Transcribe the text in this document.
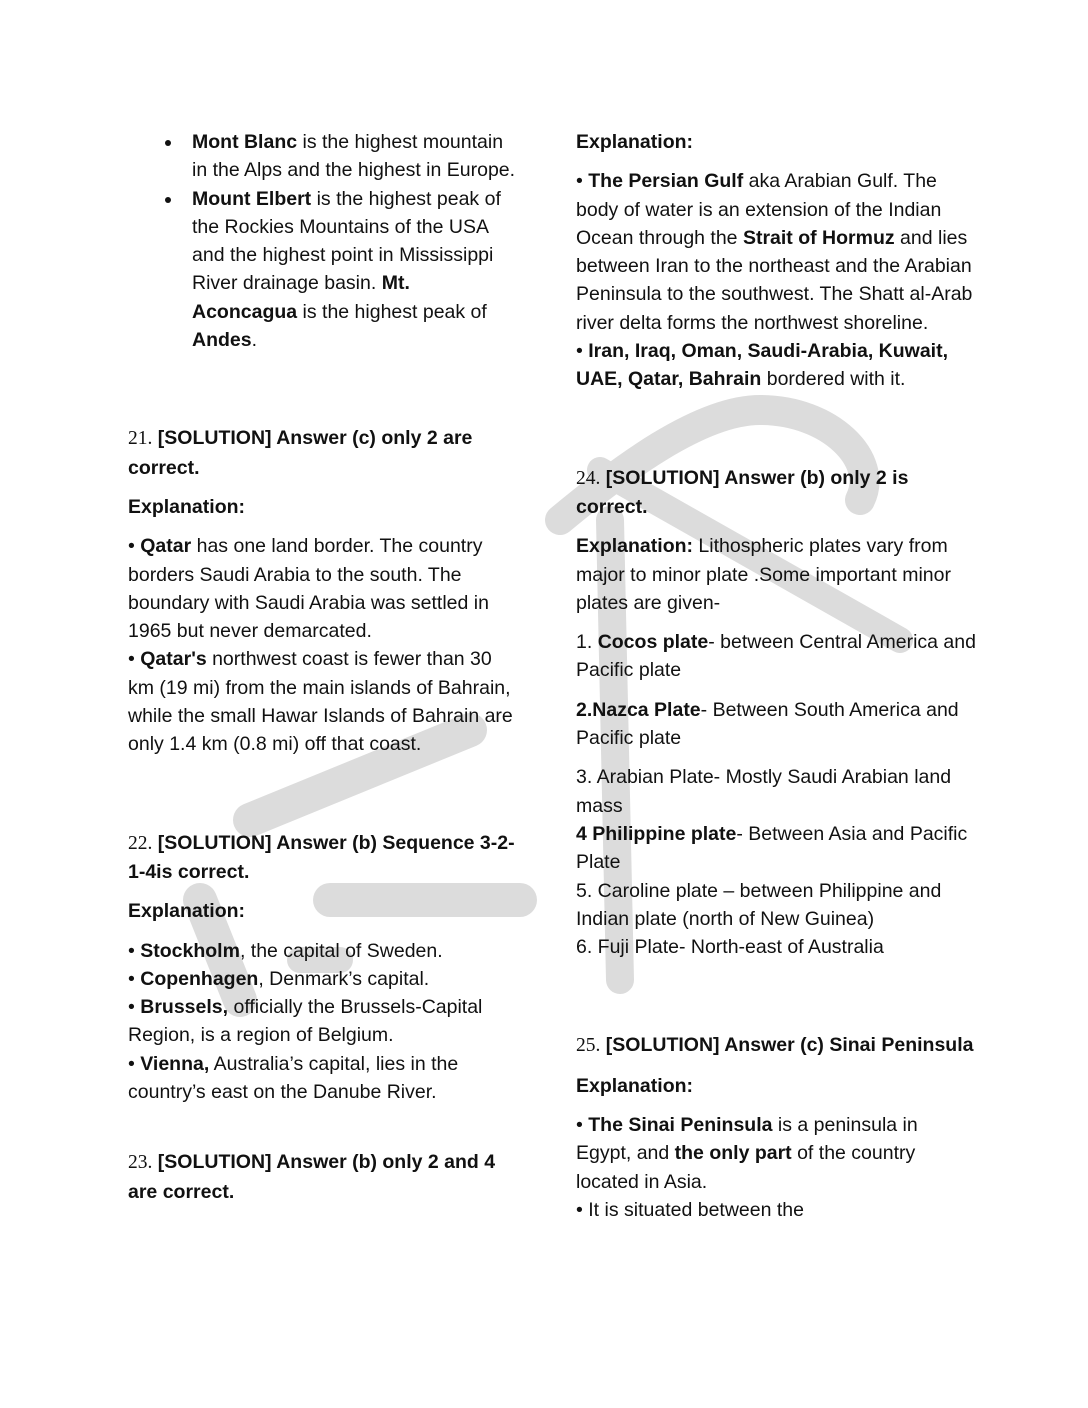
ONLY IAS
Mont Blanc is the highest mountain in the Alps and the highest in Europe.
Mount Elbert is the highest peak of the Rockies Mountains of the USA and the highest point in Mississippi River drainage basin. Mt. Aconcagua is the highest peak of Andes.

21. [SOLUTION] Answer (c) only 2 are correct.

Explanation:

• Qatar has one land border. The country borders Saudi Arabia to the south. The boundary with Saudi Arabia was settled in 1965 but never demarcated.

• Qatar's northwest coast is fewer than 30 km (19 mi) from the main islands of Bahrain, while the small Hawar Islands of Bahrain are only 1.4 km (0.8 mi) off that coast.

22. [SOLUTION] Answer (b) Sequence 3-2-1-4is correct.

Explanation:

• Stockholm, the capital of Sweden.

• Copenhagen, Denmark’s capital.

• Brussels, officially the Brussels-Capital Region, is a region of Belgium.

• Vienna, Australia’s capital, lies in the country’s east on the Danube River.

23. [SOLUTION] Answer (b) only 2 and 4 are correct.

Explanation:

• The Persian Gulf aka Arabian Gulf. The body of water is an extension of the Indian Ocean through the Strait of Hormuz and lies between Iran to the northeast and the Arabian Peninsula to the southwest. The Shatt al-Arab river delta forms the northwest shoreline.

• Iran, Iraq, Oman, Saudi-Arabia, Kuwait, UAE, Qatar, Bahrain bordered with it.

24. [SOLUTION] Answer (b) only 2 is correct.

Explanation: Lithospheric plates vary from major to minor plate .Some important minor plates are given-

1. Cocos plate- between Central America and Pacific plate

2.Nazca Plate- Between South America and Pacific plate

3. Arabian Plate- Mostly Saudi Arabian land mass

4 Philippine plate- Between Asia and Pacific Plate

5. Caroline plate – between Philippine and Indian plate (north of New Guinea)

6. Fuji Plate- North-east of Australia

25. [SOLUTION] Answer (c) Sinai Peninsula

Explanation:

• The Sinai Peninsula is a peninsula in Egypt, and the only part of the country located in Asia.

• It is situated between the
